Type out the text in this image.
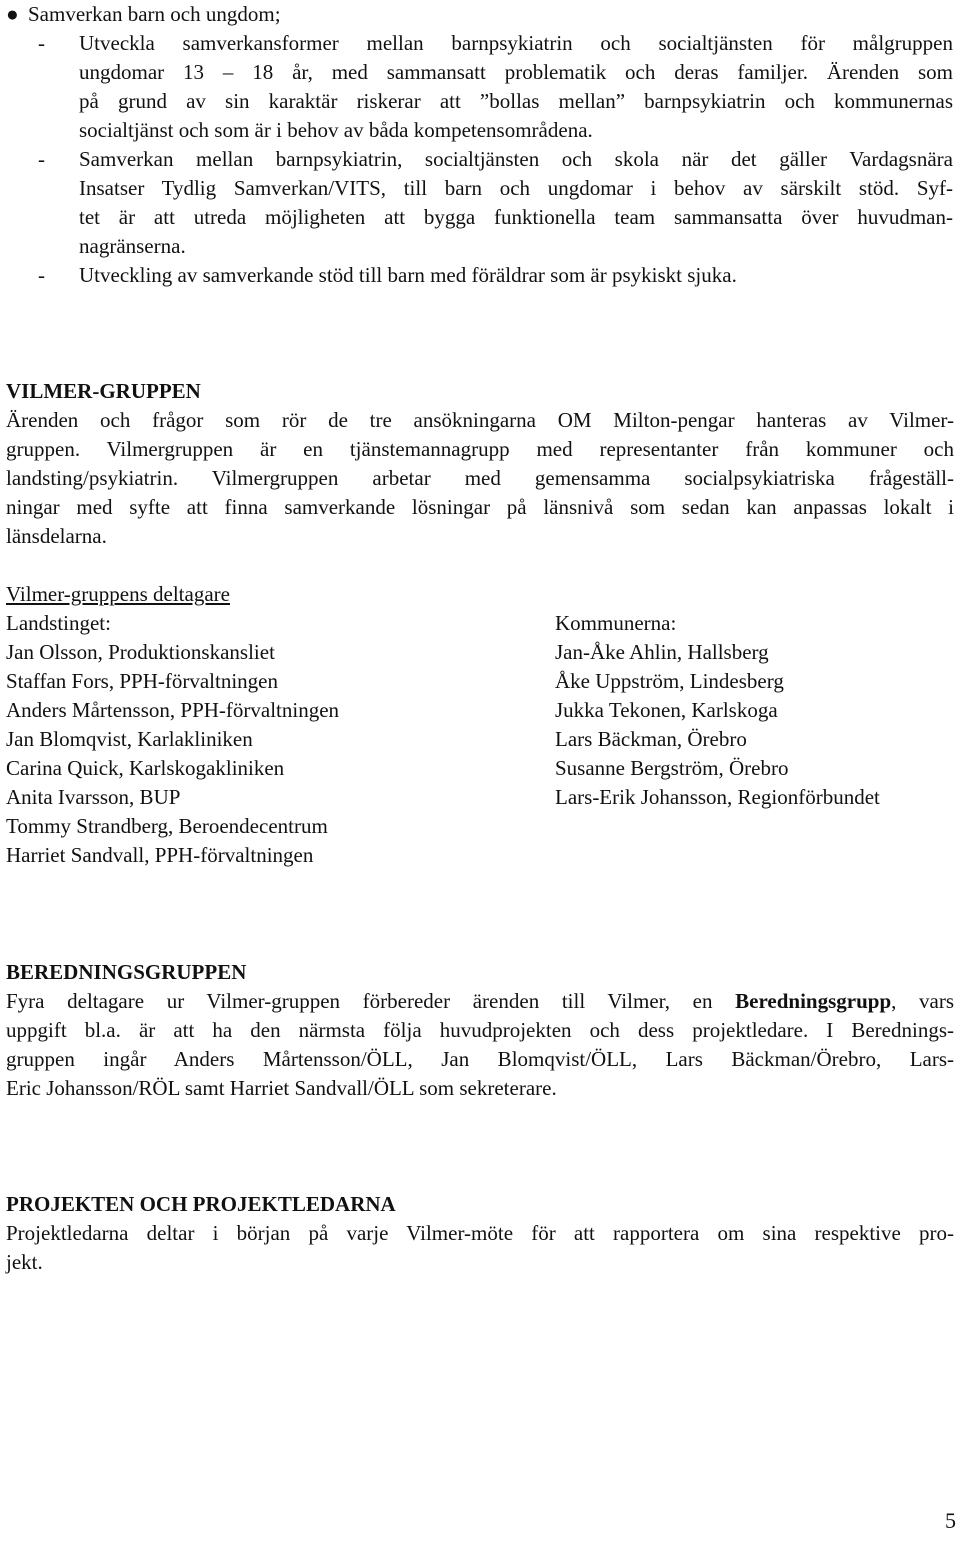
● Samverkan barn och ungdom;
- Utveckla samverkansformer mellan barnpsykiatrin och socialtjänsten för målgruppen
ungdomar 13 – 18 år, med sammansatt problematik och deras familjer. Ärenden som
på grund av sin karaktär riskerar att ”bollas mellan” barnpsykiatrin och kommunernas
socialtjänst och som är i behov av båda kompetensområdena.
- Samverkan mellan barnpsykiatrin, socialtjänsten och skola när det gäller Vardagsnära
Insatser Tydlig Samverkan/VITS, till barn och ungdomar i behov av särskilt stöd. Syf-
tet är att utreda möjligheten att bygga funktionella team sammansatta över huvudman-
nagränserna.
- Utveckling av samverkande stöd till barn med föräldrar som är psykiskt sjuka.
VILMER-GRUPPEN
Ärenden och frågor som rör de tre ansökningarna OM Milton-pengar hanteras av Vilmer-
gruppen. Vilmergruppen är en tjänstemannagrupp med representanter från kommuner och
landsting/psykiatrin. Vilmergruppen arbetar med gemensamma socialpsykiatriska frågeställ-
ningar med syfte att finna samverkande lösningar på länsnivå som sedan kan anpassas lokalt i
länsdelarna.
Vilmer-gruppens deltagare
Landstinget:
Jan Olsson, Produktionskansliet
Staffan Fors, PPH-förvaltningen
Anders Mårtensson, PPH-förvaltningen
Jan Blomqvist, Karlakliniken
Carina Quick, Karlskogakliniken
Anita Ivarsson, BUP
Tommy Strandberg, Beroendecentrum
Harriet Sandvall, PPH-förvaltningen
Kommunerna:
Jan-Åke Ahlin, Hallsberg
Åke Uppström, Lindesberg
Jukka Tekonen, Karlskoga
Lars Bäckman, Örebro
Susanne Bergström, Örebro
Lars-Erik Johansson, Regionförbundet
BEREDNINGSGRUPPEN
Fyra deltagare ur Vilmer-gruppen förbereder ärenden till Vilmer, en Beredningsgrupp, vars
uppgift bl.a. är att ha den närmsta följa huvudprojekten och dess projektledare. I Berednings-
gruppen ingår Anders Mårtensson/ÖLL, Jan Blomqvist/ÖLL, Lars Bäckman/Örebro, Lars-
Eric Johansson/RÖL samt Harriet Sandvall/ÖLL som sekreterare.
PROJEKTEN OCH PROJEKTLEDARNA
Projektledarna deltar i början på varje Vilmer-möte för att rapportera om sina respektive pro-
jekt.
5
